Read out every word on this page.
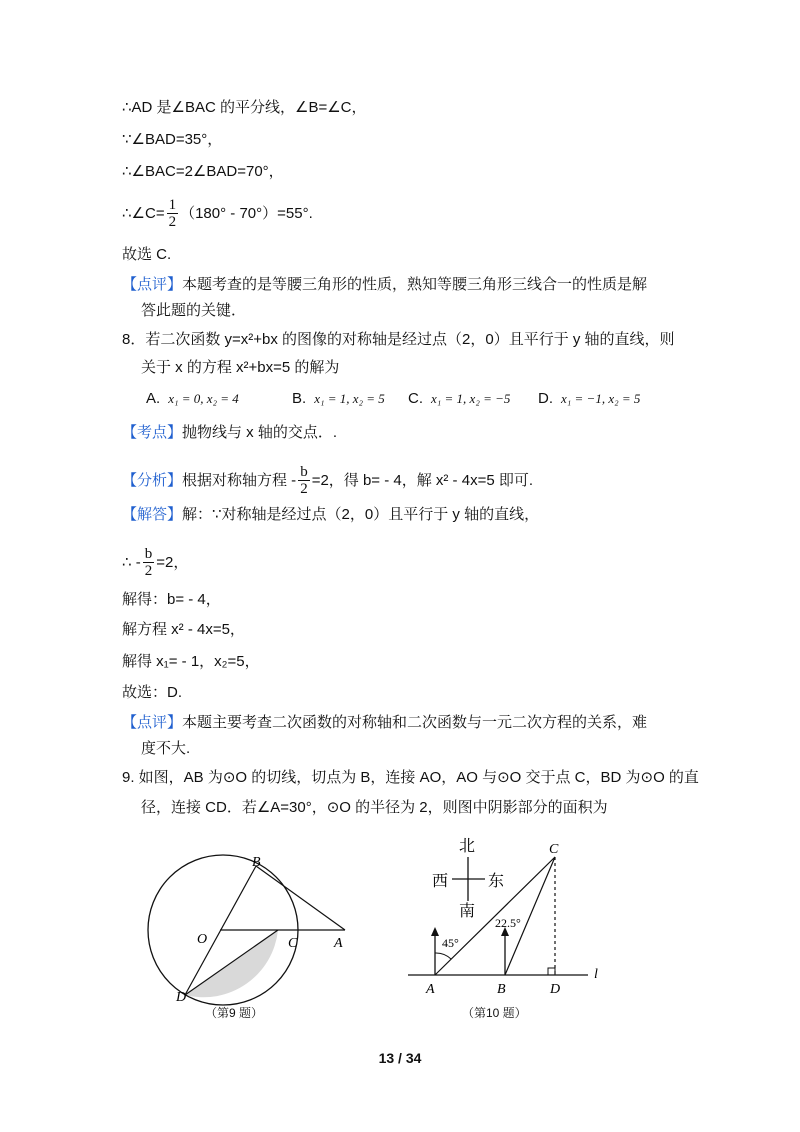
∴AD 是∠BAC 的平分线，∠B=∠C，
∵∠BAD=35°，
∴∠BAC=2∠BAD=70°，
∴∠C= $\frac{1}{2} (180^\circ - 70^\circ)=55^\circ$.
故选 C.
【点评】本题考查的是等腰三角形的性质，熟知等腰三角形三线合一的性质是解
答此题的关键．
8．若二次函数 y=x²+bx 的图像的对称轴是经过点（2，0）且平行于 y 轴的直线，则
关于 x 的方程 x²+bx=5 的解为
A. x₁ = 0, x₂ = 4	B. x₁ = 1, x₂ = 5 C. x₁ = 1, x₂ = −5 D. x₁ = −1, x₂ = 5
【考点】抛物线与 x 轴的交点．.
【分析】根据对称轴方程 - $\frac{b}{2} =2$，得 b= - 4，解 x² - 4x=5 即可.
【解答】解：∵对称轴是经过点（2，0）且平行于 y 轴的直线，
∴ - $\frac{b}{2} =2$，
解得：b= - 4，
解方程 x² - 4x=5，
解得 x₁= - 1，x₂=5，
故选：D.
【点评】本题主要考查二次函数的对称轴和二次函数与一元二次方程的关系，难
度不大.
9. 如图，AB 为⊙O 的切线，切点为 B，连接 AO，AO 与⊙O 交于点 C，BD 为⊙O 的直
径，连接 CD．若∠A=30°，⊙O 的半径为 2，则图中阴影部分的面积为
B
O	C	A
D
（第9 题）
北
西 东
南
45°
22.5°
C
A	B	D
l
（第10 题）
13 / 34
